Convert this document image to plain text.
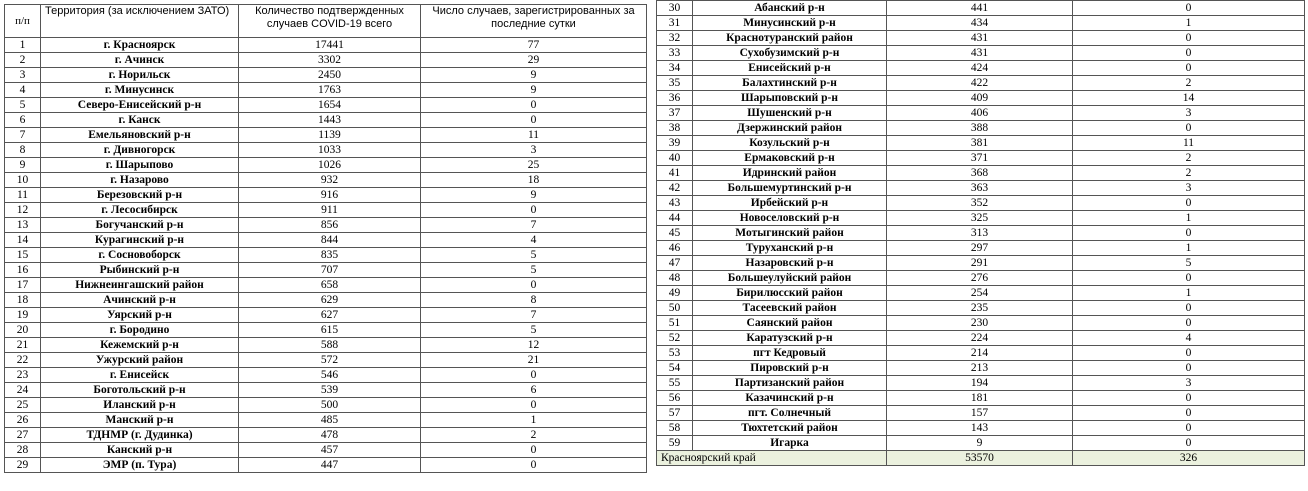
п/п	Территория (за исключением ЗАТО)	Количество подтвержденных случаев COVID-19 всего	Число случаев, зарегистрированных за последние сутки
1	г. Красноярск	17441	77
2	г. Ачинск	3302	29
3	г. Норильск	2450	9
4	г. Минусинск	1763	9
5	Северо-Енисейский р-н	1654	0
6	г. Канск	1443	0
7	Емельяновский р-н	1139	11
8	г. Дивногорск	1033	3
9	г. Шарыпово	1026	25
10	г. Назарово	932	18
11	Березовский р-н	916	9
12	г. Лесосибирск	911	0
13	Богучанский р-н	856	7
14	Курагинский р-н	844	4
15	г. Сосновоборск	835	5
16	Рыбинский р-н	707	5
17	Нижнеингашский район	658	0
18	Ачинский р-н	629	8
19	Уярский р-н	627	7
20	г. Бородино	615	5
21	Кежемский р-н	588	12
22	Ужурский район	572	21
23	г. Енисейск	546	0
24	Боготольский р-н	539	6
25	Иланский р-н	500	0
26	Манский р-н	485	1
27	ТДНМР (г. Дудинка)	478	2
28	Канский р-н	457	0
29	ЭМР (п. Тура)	447	0
30	Абанский р-н	441	0
31	Минусинский р-н	434	1
32	Краснотуранский район	431	0
33	Сухобузимский р-н	431	0
34	Енисейский р-н	424	0
35	Балахтинский р-н	422	2
36	Шарыповский р-н	409	14
37	Шушенский р-н	406	3
38	Дзержинский район	388	0
39	Козульский р-н	381	11
40	Ермаковский р-н	371	2
41	Идринский район	368	2
42	Большемуртинский р-н	363	3
43	Ирбейский р-н	352	0
44	Новоселовский р-н	325	1
45	Мотыгинский район	313	0
46	Туруханский р-н	297	1
47	Назаровский р-н	291	5
48	Большеулуйский район	276	0
49	Бирилюсский район	254	1
50	Тасеевский район	235	0
51	Саянский район	230	0
52	Каратузский р-н	224	4
53	пгт Кедровый	214	0
54	Пировский р-н	213	0
55	Партизанский район	194	3
56	Казачинский р-н	181	0
57	пгт. Солнечный	157	0
58	Тюхтетский район	143	0
59	Игарка	9	0
Красноярский край		53570	326
